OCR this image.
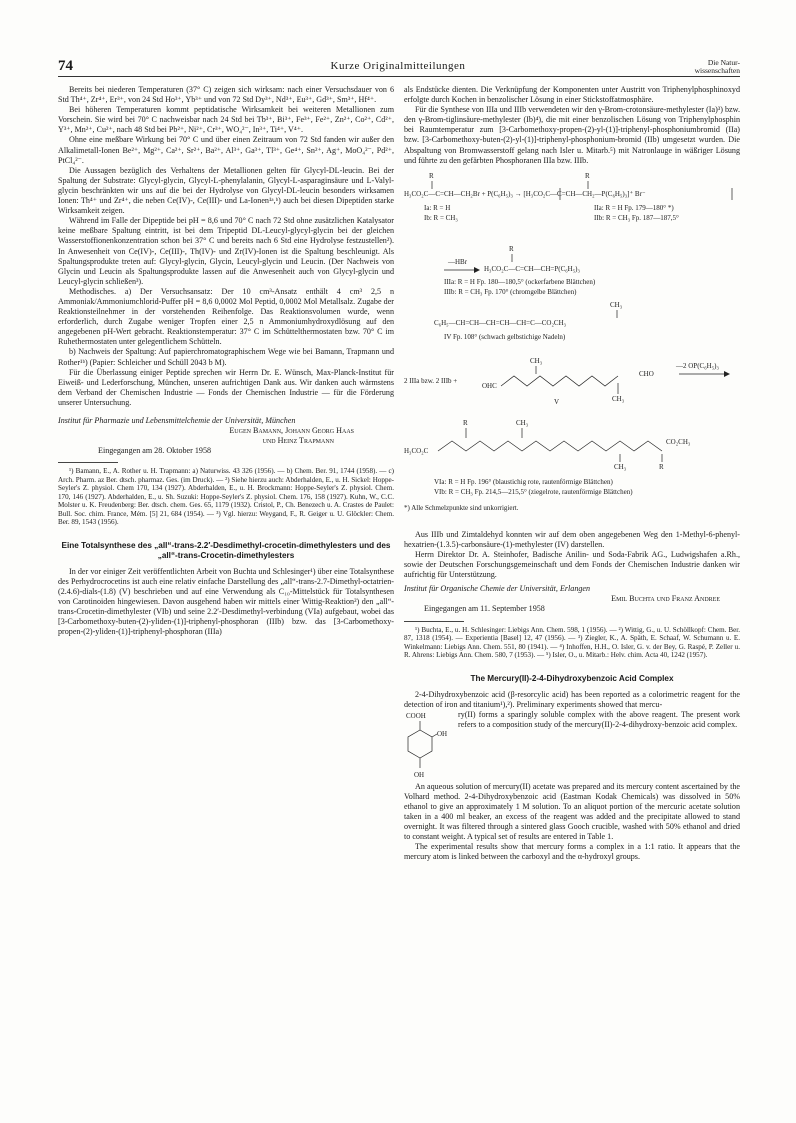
74	Kurze Originalmitteilungen	Die Natur-
wissenschaften

Bereits bei niederen Temperaturen (37° C) zeigen sich wirksam: nach einer Versuchsdauer von 6 Std Th⁴⁺, Zr⁴⁺, Er³⁺, von 24 Std Ho³⁺, Yb³⁺ und von 72 Std Dy³⁺, Nd³⁺, Eu³⁺, Gd³⁺, Sm³⁺, Hf⁴⁺.

Bei höheren Temperaturen kommt peptidatische Wirksamkeit bei weiteren Metallionen zum Vorschein. Sie wird bei 70° C nachweisbar nach 24 Std bei Tb³⁺, Bi³⁺, Fe³⁺, Fe²⁺, Zn²⁺, Co²⁺, Cd²⁺, Y³⁺, Mn²⁺, Cu²⁺, nach 48 Std bei Pb²⁺, Ni²⁺, Cr³⁺, WO₄²⁻, In³⁺, Ti⁴⁺, V⁴⁺.

Ohne eine meßbare Wirkung bei 70° C und über einen Zeitraum von 72 Std fanden wir außer den Alkalimetall-Ionen Be²⁺, Mg²⁺, Ca²⁺, Sr²⁺, Ba²⁺, Al³⁺, Ga³⁺, Tl³⁺, Ge⁴⁺, Sn²⁺, Ag⁺, MoO₄²⁻, Pd²⁺, PtCl₄²⁻.

Die Aussagen bezüglich des Verhaltens der Metallionen gelten für Glycyl-DL-leucin. Bei der Spaltung der Substrate: Glycyl-glycin, Glycyl-L-phenylalanin, Glycyl-L-asparaginsäure und L-Valyl-glycin beschränkten wir uns auf die bei der Hydrolyse von Glycyl-DL-leucin besonders wirksamen Ionen: Th⁴⁺ und Zr⁴⁺, die neben Ce(IV)-, Ce(III)- und La-Ionen¹ᵃ,ᵇ) auch bei diesen Dipeptiden starke Wirksamkeit zeigen.

Während im Falle der Dipeptide bei pH = 8,6 und 70° C nach 72 Std ohne zusätzlichen Katalysator keine meßbare Spaltung eintritt, ist bei dem Tripeptid DL-Leucyl-glycyl-glycin bei der gleichen Wasserstoffionenkonzentration schon bei 37° C und bereits nach 6 Std eine Hydrolyse festzustellen²). In Anwesenheit von Ce(IV)-, Ce(III)-, Th(IV)- und Zr(IV)-Ionen ist die Spaltung beschleunigt. Als Spaltungsprodukte treten auf: Glycyl-glycin, Glycin, Leucyl-glycin und Leucin. (Der Nachweis von Glycin und Leucin als Spaltungsprodukte lassen auf die Anwesenheit auch von Glycyl-glycin und Leucyl-glycin schließen³).

Methodisches. a) Der Versuchsansatz: Der 10 cm³-Ansatz enthält 4 cm³ 2,5 n Ammoniak/Ammoniumchlorid-Puffer pH = 8,6 0,0002 Mol Peptid, 0,0002 Mol Metallsalz. Zugabe der Reaktionsteilnehmer in der vorstehenden Reihenfolge. Das Reaktionsvolumen wurde, wenn erforderlich, durch Zugabe weniger Tropfen einer 2,5 n Ammoniumhydroxydlösung auf den angegebenen pH-Wert gebracht. Reaktionstemperatur: 37° C im Schüttelthermostaten bzw. 70° C im Ruhethermostaten unter gelegentlichem Schütteln.

b) Nachweis der Spaltung: Auf papierchromatographischem Wege wie bei Bamann, Trapmann und Rother¹ᵇ) (Papier: Schleicher und Schüll 2043 b M).

Für die Überlassung einiger Peptide sprechen wir Herrn Dr. E. Wünsch, Max-Planck-Institut für Eiweiß- und Lederforschung, München, unseren aufrichtigen Dank aus. Wir danken auch wärmstens dem Verband der Chemischen Industrie — Fonds der Chemischen Industrie — für die Förderung unserer Untersuchung.

Institut für Pharmazie und Lebensmittelchemie der Universität, München

Eugen Bamann, Johann Georg Haas

und Heinz Trapmann

Eingegangen am 28. Oktober 1958

¹) Bamann, E., A. Rother u. H. Trapmann: a) Naturwiss. 43 326 (1956). — b) Chem. Ber. 91, 1744 (1958). — c) Arch. Pharm. az Ber. dtsch. pharmaz. Ges. (im Druck). — ²) Siehe hierzu auch: Abderhalden, E., u. H. Sickel: Hoppe-Seyler's Z. physiol. Chem 170, 134 (1927). Abderhalden, E., u. H. Brockmann: Hoppe-Seyler's Z. physiol. Chem. 170, 146 (1927). Abderhalden, E., u. Sh. Suzuki: Hoppe-Seyler's Z. physiol. Chem. 176, 158 (1927). Kuhn, W., C.C. Molster u. K. Freudenberg: Ber. dtsch. chem. Ges. 65, 1179 (1932). Cristol, P., Ch. Benezech u. A. Crastes de Paulet: Bull. Soc. chim. France, Mém. [5] 21, 684 (1954). — ³) Vgl. hierzu: Weygand, F., R. Geiger u. U. Glöckler: Chem. Ber. 89, 1543 (1956).

Eine Totalsynthese des „all“-trans-2.2′-Desdimethyl-crocetin-dimethylesters und des „all“-trans-Crocetin-dimethylesters

In der vor einiger Zeit veröffentlichten Arbeit von Buchta und Schlesinger¹) über eine Totalsynthese des Perhydrocrocetins ist auch eine relativ einfache Darstellung des „all“-trans-2.7-Dimethyl-octatrien-(2.4.6)-dials-(1.8) (V) beschrieben und auf eine Verwendung als C₁₀-Mittelstück für Totalsynthesen von Carotinoiden hingewiesen. Davon ausgehend haben wir mittels einer Wittig-Reaktion²) den „all“-trans-Crocetin-dimethylester (VIb) und seine 2.2′-Desdimethyl-verbindung (VIa) aufgebaut, wobei das [3-Carbomethoxy-buten-(2)-yliden-(1)]-triphenyl-phosphoran (IIIb) bzw. das [3-Carbomethoxy-propen-(2)-yliden-(1)]-triphenyl-phosphoran (IIIa)

als Endstücke dienten. Die Verknüpfung der Komponenten unter Austritt von Triphenylphosphinoxyd erfolgte durch Kochen in benzolischer Lösung in einer Stickstoffatmosphäre.

Für die Synthese von IIIa und IIIb verwendeten wir den γ-Brom-crotonsäure-methylester (Ia)³) bzw. den γ-Brom-tiglinsäure-methylester (Ib)⁴), die mit einer benzolischen Lösung von Triphenylphosphin bei Raumtemperatur zum [3-Carbomethoxy-propen-(2)-yl-(1)]-triphenyl-phosphoniumbromid (IIa) bzw. [3-Carbomethoxy-buten-(2)-yl-(1)]-triphenyl-phosphonium-bromid (IIb) umgesetzt wurden. Die Abspaltung von Bromwasserstoff gelang nach Isler u. Mitarb.⁵) mit Natronlauge in wäßriger Lösung und führte zu den gefärbten Phosphoranen IIIa bzw. IIIb.

R	R
H₃CO₂C—C=CH—CH₂Br + P(C₆H₅)₃ → [H₃CO₂C—C=CH—CH₂—P(C₆H₅)₃]⁺ Br⁻
Ia: R = H
Ib: R = CH₃
IIa: R = H Fp. 179—180° *)
IIb: R = CH₃ Fp. 187—187,5°
R
—HBr
H₃CO₂C—C=CH—CH=P(C₆H₅)₃
IIIa: R = H Fp. 180—180,5° (ockerfarbene Blättchen)
IIIb: R = CH₃ Fp. 170° (chromgelbe Blättchen)
CH₃
C₆H₅—CH=CH—CH=CH—CH=C—CO₂CH₃
IV Fp. 108° (schwach gelbstichige Nadeln)
CH₃
2 IIIa bzw. 2 IIIb +
OHC
CHO
—2 OP(C₆H₅)₃
V	CH₃
CH₃
R
H₃CO₂C
CO₂CH₃
CH₃	R
VIa: R = H Fp. 196° (blaustichig rote, rautenförmige Blättchen)
VIb: R = CH₃ Fp. 214,5—215,5° (ziegelrote, rautenförmige Blättchen)
*) Alle Schmelzpunkte sind unkorrigiert.

Aus IIIb und Zimtaldehyd konnten wir auf dem oben angegebenen Weg den 1-Methyl-6-phenyl-hexatrien-(1.3.5)-carbonsäure-(1)-methylester (IV) darstellen.

Herrn Direktor Dr. A. Steinhofer, Badische Anilin- und Soda-Fabrik AG., Ludwigshafen a.Rh., sowie der Deutschen Forschungsgemeinschaft und dem Fonds der Chemischen Industrie danken wir aufrichtig für Unterstützung.

Institut für Organische Chemie der Universität, Erlangen

Emil Buchta und Franz Andree

Eingegangen am 11. September 1958

¹) Buchta, E., u. H. Schlesinger: Liebigs Ann. Chem. 598, 1 (1956). — ²) Wittig, G., u. U. Schöllkopf: Chem. Ber. 87, 1318 (1954). — Experientia [Basel] 12, 47 (1956). — ³) Ziegler, K., A. Späth, E. Schaaf, W. Schumann u. E. Winkelmann: Liebigs Ann. Chem. 551, 80 (1941). — ⁴) Inhoffen, H.H., O. Isler, G. v. der Bey, G. Raspé, P. Zeller u. R. Ahrens: Liebigs Ann. Chem. 580, 7 (1953). — ⁵) Isler, O., u. Mitarb.: Helv. chim. Acta 40, 1242 (1957).

The Mercury(II)-2-4-Dihydroxybenzoic Acid Complex

2-4-Dihydroxybenzoic acid (β-resorcylic acid) has been reported as a colorimetric reagent for the detection of iron and titanium¹),²). Preliminary experiments showed that mercu-

COOH
OH
OH

ry(II) forms a sparingly soluble complex with the above reagent. The present work refers to a composition study of the mercury(II)-2-4-dihydroxy-benzoic acid complex.

An aqueous solution of mercury(II) acetate was prepared and its mercury content ascertained by the Volhard method. 2-4-Dihydroxybenzoic acid (Eastman Kodak Chemicals) was dissolved in 50% ethanol to give an approximately 1 M solution. To an aliquot portion of the mercuric acetate solution taken in a 400 ml beaker, an excess of the reagent was added and the precipitate allowed to stand overnight. It was filtered through a sintered glass Gooch crucible, washed with 50% ethanol and dried to constant weight. A typical set of results are entered in Table 1.

The experimental results show that mercury forms a complex in a 1:1 ratio. It appears that the mercury atom is linked between the carboxyl and the α-hydroxyl groups.
